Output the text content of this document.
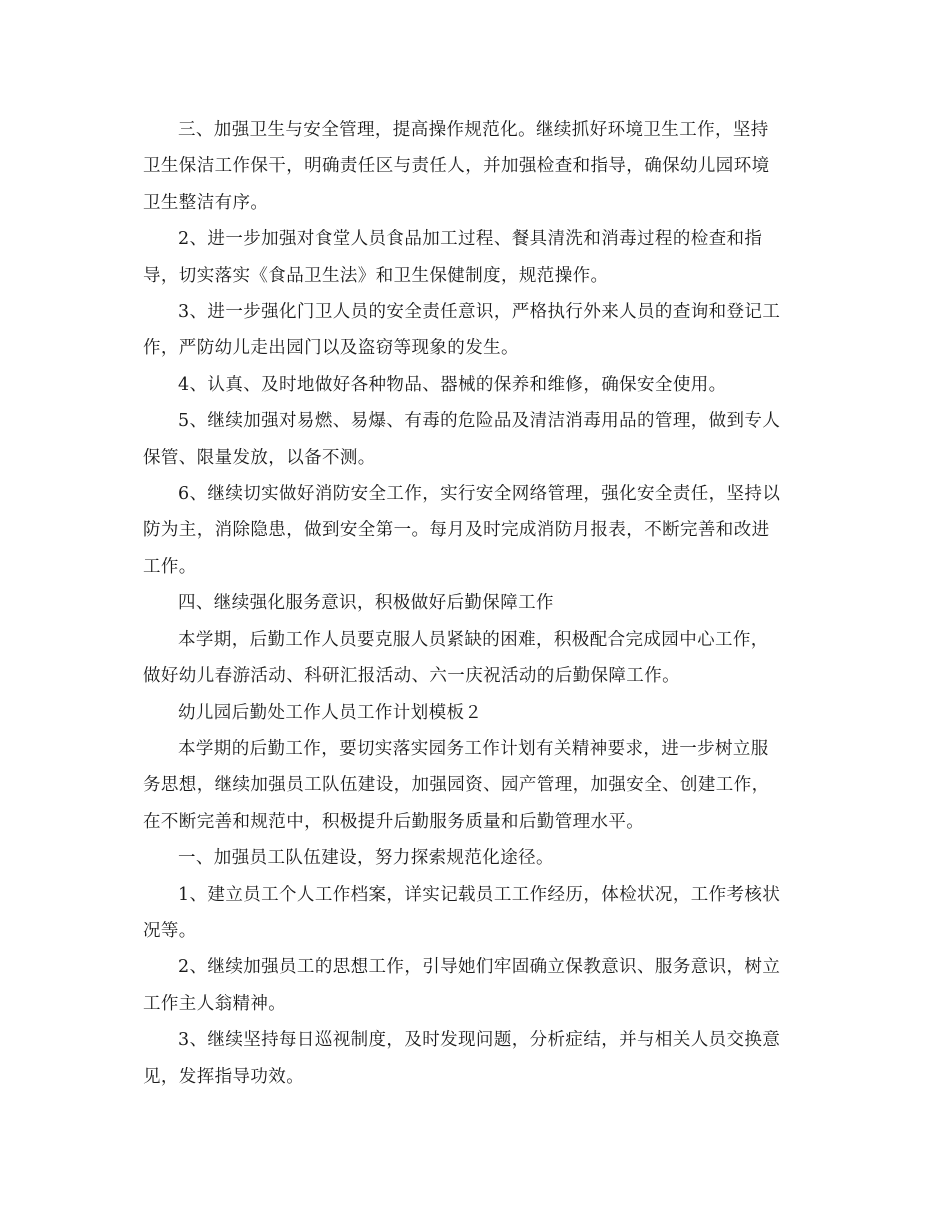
三、加强卫生与安全管理，提高操作规范化。继续抓好环境卫生工作，坚持
卫生保洁工作保干，明确责任区与责任人，并加强检查和指导，确保幼儿园环境
卫生整洁有序。

2、进一步加强对食堂人员食品加工过程、餐具清洗和消毒过程的检查和指
导，切实落实《食品卫生法》和卫生保健制度，规范操作。

3、进一步强化门卫人员的安全责任意识，严格执行外来人员的查询和登记工
作，严防幼儿走出园门以及盗窃等现象的发生。

4、认真、及时地做好各种物品、器械的保养和维修，确保安全使用。

5、继续加强对易燃、易爆、有毒的危险品及清洁消毒用品的管理，做到专人
保管、限量发放，以备不测。

6、继续切实做好消防安全工作，实行安全网络管理，强化安全责任，坚持以
防为主，消除隐患，做到安全第一。每月及时完成消防月报表，不断完善和改进
工作。

四、继续强化服务意识，积极做好后勤保障工作

本学期，后勤工作人员要克服人员紧缺的困难，积极配合完成园中心工作，
做好幼儿春游活动、科研汇报活动、六一庆祝活动的后勤保障工作。

幼儿园后勤处工作人员工作计划模板２

本学期的后勤工作，要切实落实园务工作计划有关精神要求，进一步树立服
务思想，继续加强员工队伍建设，加强园资、园产管理，加强安全、创建工作，
在不断完善和规范中，积极提升后勤服务质量和后勤管理水平。

一、加强员工队伍建设，努力探索规范化途径。

1、建立员工个人工作档案，详实记载员工工作经历，体检状况，工作考核状
况等。

2、继续加强员工的思想工作，引导她们牢固确立保教意识、服务意识，树立
工作主人翁精神。

3、继续坚持每日巡视制度，及时发现问题，分析症结，并与相关人员交换意
见，发挥指导功效。
